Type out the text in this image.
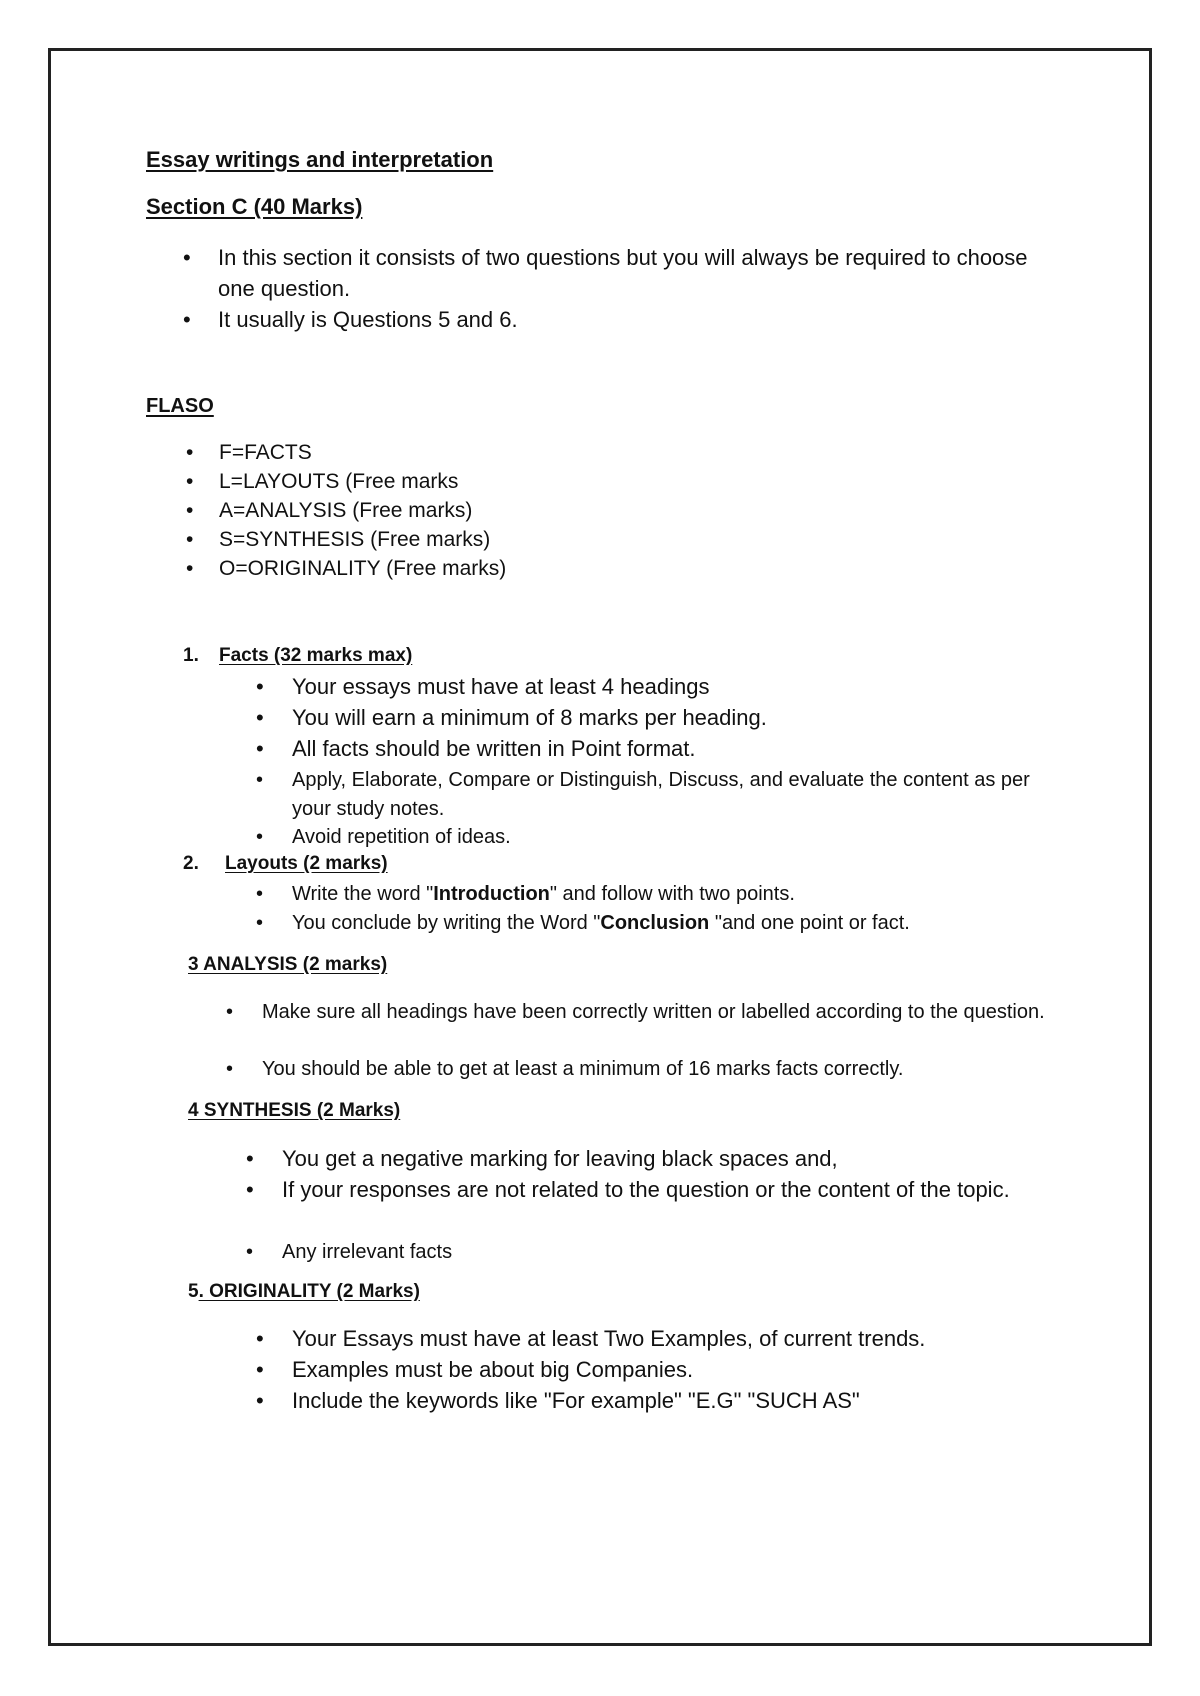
Essay writings and interpretation
Section C (40 Marks)
• In this section it consists of two questions but you will always be required to choose one question.
• It usually is Questions 5 and 6.
FLASO
• F=FACTS
• L=LAYOUTS (Free marks
• A=ANALYSIS (Free marks)
• S=SYNTHESIS (Free marks)
• O=ORIGINALITY (Free marks)
1. Facts (32 marks max)
• Your essays must have at least 4 headings
• You will earn a minimum of 8 marks per heading.
• All facts should be written in Point format.
• Apply, Elaborate, Compare or Distinguish, Discuss, and evaluate the content as per your study notes.
• Avoid repetition of ideas.
2. Layouts (2 marks)
• Write the word "Introduction" and follow with two points.
• You conclude by writing the Word "Conclusion "and one point or fact.
3 ANALYSIS (2 marks)
• Make sure all headings have been correctly written or labelled according to the question.
• You should be able to get at least a minimum of 16 marks facts correctly.
4 SYNTHESIS (2 Marks)
• You get a negative marking for leaving black spaces and,
• If your responses are not related to the question or the content of the topic.
• Any irrelevant facts
5. ORIGINALITY (2 Marks)
• Your Essays must have at least Two Examples, of current trends.
• Examples must be about big Companies.
• Include the keywords like "For example" "E.G" "SUCH AS"
